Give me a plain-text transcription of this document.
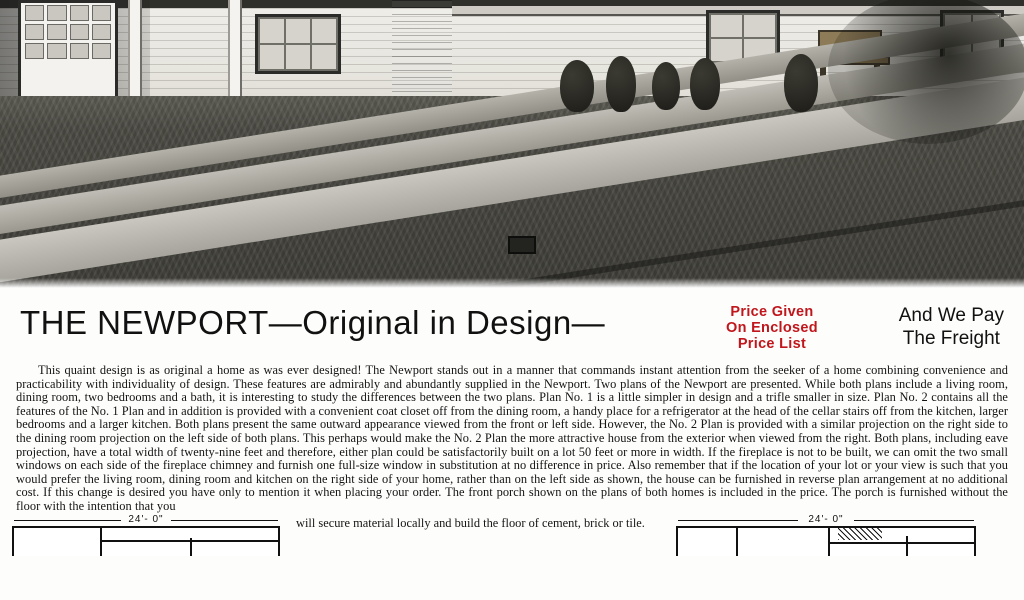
THE NEWPORT—Original in Design—	Price Given
On Enclosed
Price List
And We Pay
The Freight

This quaint design is as original a home as was ever designed! The Newport stands out in a manner that commands instant attention from the seeker of a home combining convenience and practicability with individuality of design. These features are admirably and abundantly supplied in the Newport. Two plans of the Newport are presented. While both plans include a living room, dining room, two bedrooms and a bath, it is interesting to study the differences between the two plans. Plan No. 1 is a little simpler in design and a trifle smaller in size. Plan No. 2 contains all the features of the No. 1 Plan and in addition is provided with a convenient coat closet off from the dining room, a handy place for a refrigerator at the head of the cellar stairs off from the kitchen, larger bedrooms and a larger kitchen. Both plans present the same outward appearance viewed from the front or left side. However, the No. 2 Plan is provided with a similar projection on the right side to the dining room projection on the left side of both plans. This perhaps would make the No. 2 Plan the more attractive house from the exterior when viewed from the right. Both plans, including eave projection, have a total width of twenty-nine feet and therefore, either plan could be satisfactorily built on a lot 50 feet or more in width. If the fireplace is not to be built, we can omit the two small windows on each side of the fireplace chimney and furnish one full-size window in substitution at no difference in price. Also remember that if the location of your lot or your view is such that you would prefer the living room, dining room and kitchen on the right side of your home, rather than on the left side as shown, the house can be furnished in reverse plan arrangement at no additional cost. If this change is desired you have only to mention it when placing your order. The front porch shown on the plans of both homes is included in the price. The porch is furnished without the floor with the intention that you

will secure material locally and build the floor of cement, brick or tile.
24'- 0"	24'- 0"
